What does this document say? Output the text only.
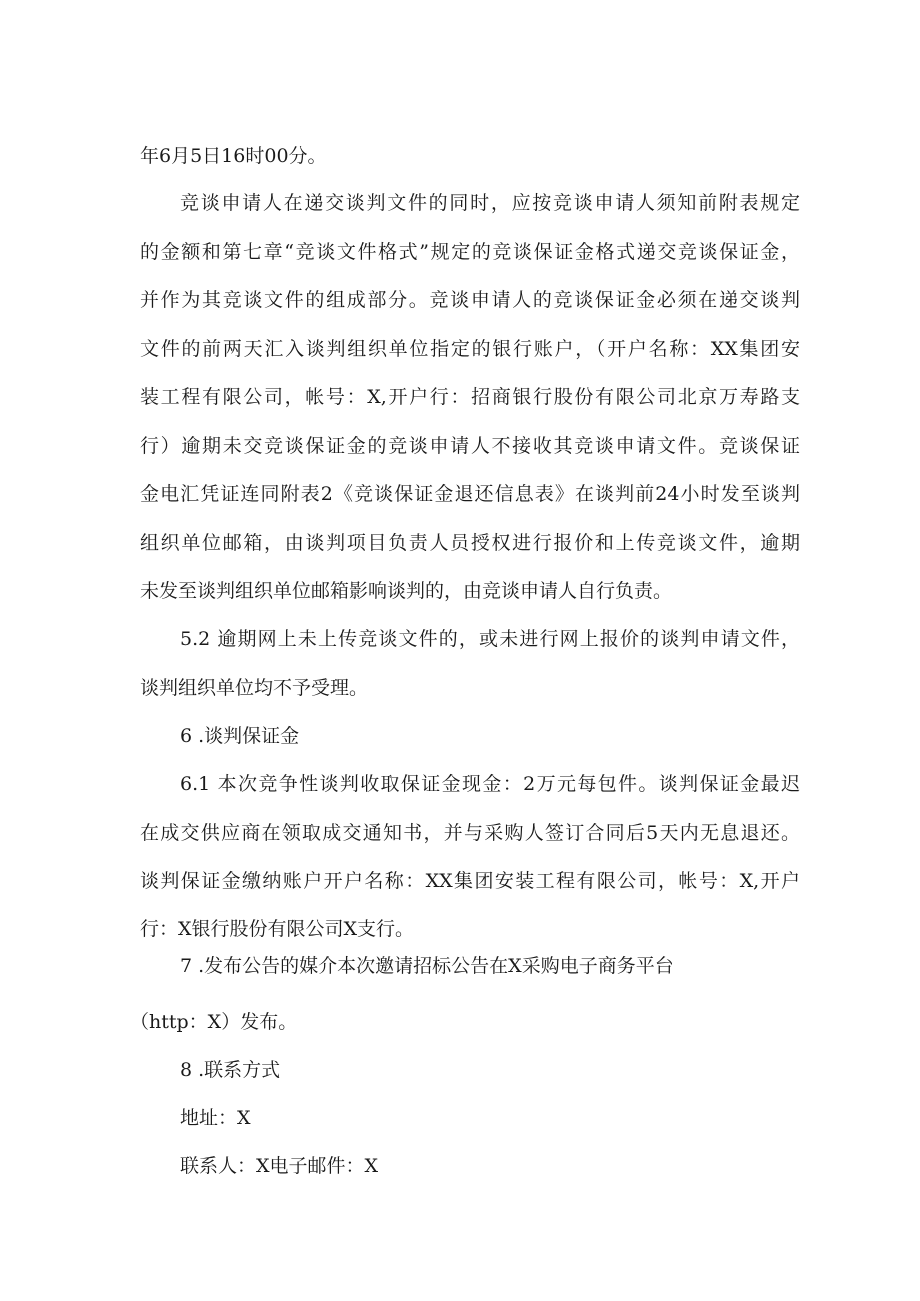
年6月5日16时00分。
竞谈申请人在递交谈判文件的同时，应按竞谈申请人须知前附表规定
的金额和第七章“竞谈文件格式”规定的竞谈保证金格式递交竞谈保证金，
并作为其竞谈文件的组成部分。竞谈申请人的竞谈保证金必须在递交谈判
文件的前两天汇入谈判组织单位指定的银行账户，（开户名称：XX集团安
装工程有限公司，帐号：X,开户行：招商银行股份有限公司北京万寿路支
行）逾期未交竞谈保证金的竞谈申请人不接收其竞谈申请文件。竞谈保证
金电汇凭证连同附表2《竞谈保证金退还信息表》在谈判前24小时发至谈判
组织单位邮箱，由谈判项目负责人员授权进行报价和上传竞谈文件，逾期
未发至谈判组织单位邮箱影响谈判的，由竞谈申请人自行负责。
5.2 逾期网上未上传竞谈文件的，或未进行网上报价的谈判申请文件，
谈判组织单位均不予受理。
6 .谈判保证金
6.1 本次竞争性谈判收取保证金现金：2万元每包件。谈判保证金最迟
在成交供应商在领取成交通知书，并与采购人签订合同后5天内无息退还。
谈判保证金缴纳账户开户名称：XX集团安装工程有限公司，帐号：X,开户
行：X银行股份有限公司X支行。
7 .发布公告的媒介本次邀请招标公告在X采购电子商务平台
（http：X）发布。
8 .联系方式
地址：X
联系人：X电子邮件：X
